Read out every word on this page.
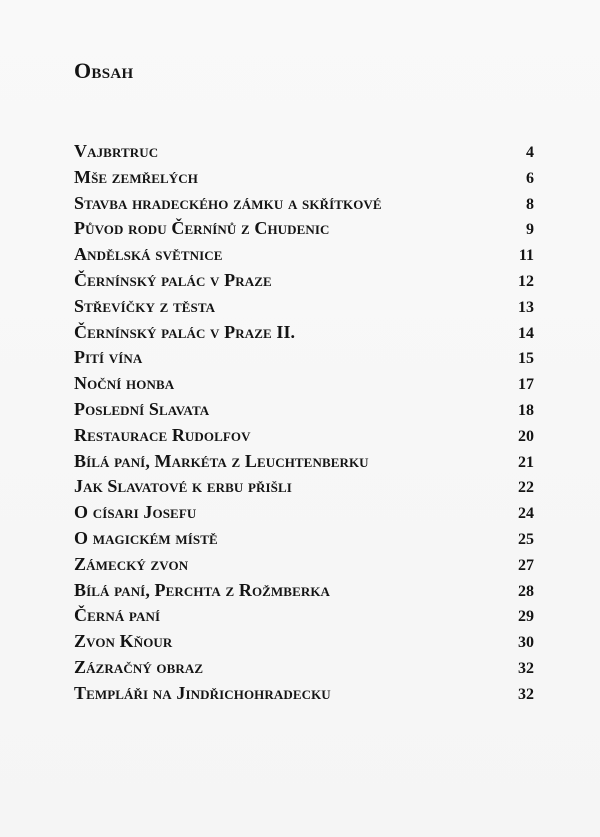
Obsah
Vajbrtruc	4
Mše zemřelých	6
Stavba hradeckého zámku a skřítkové	8
Původ rodu Černínů z Chudenic	9
Andělská světnice	11
Černínský palác v Praze	12
Střevíčky z těsta	13
Černínský palác v Praze II.	14
Pití vína	15
Noční honba	17
Poslední Slavata	18
Restaurace Rudolfov	20
Bílá paní, Markéta z Leuchtenberku	21
Jak Slavatové k erbu přišli	22
O císari Josefu	24
O magickém místě	25
Zámecký zvon	27
Bílá paní, Perchta z Rožmberka	28
Černá paní	29
Zvon Kňour	30
Zázračný obraz	32
Templáři na Jindřichohradecku	32
